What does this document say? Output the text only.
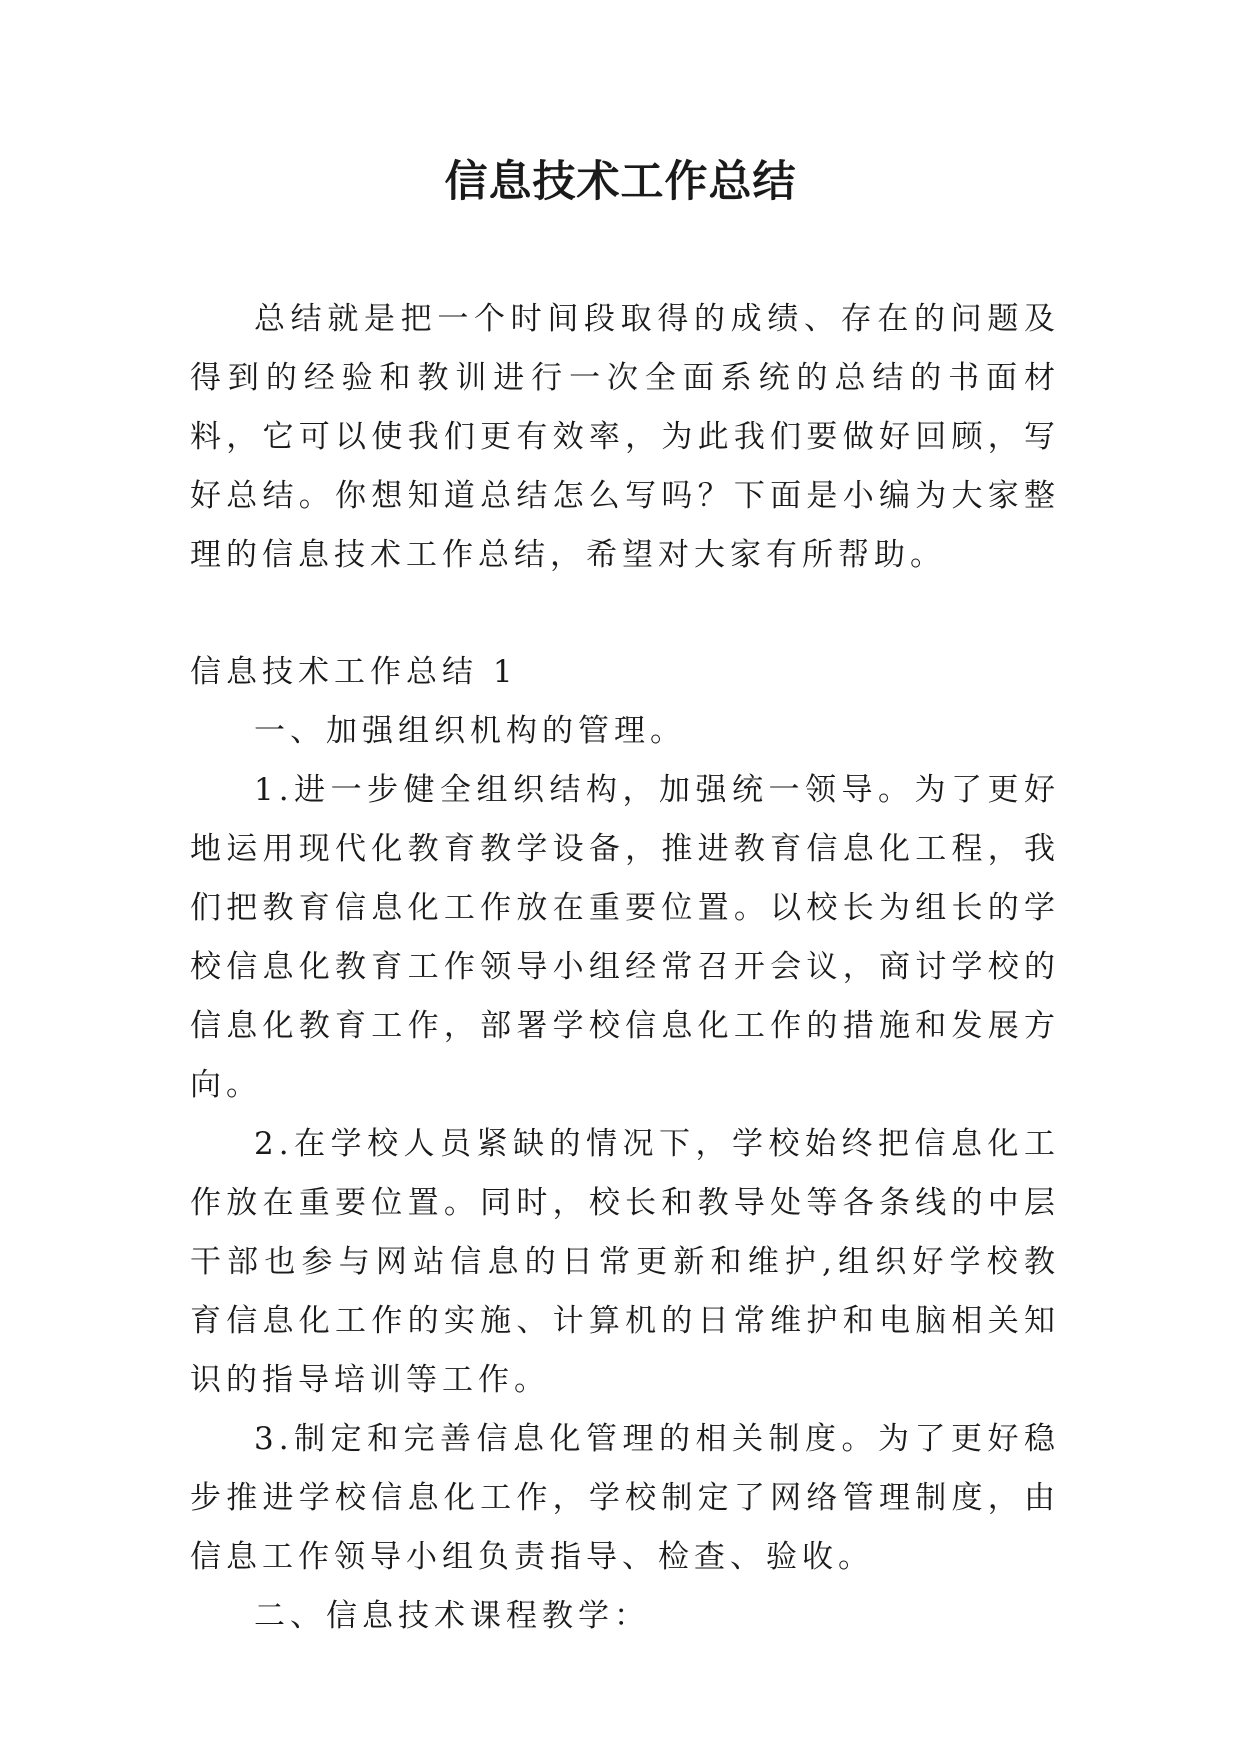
信息技术工作总结

总结就是把一个时间段取得的成绩、存在的问题及得到的经验和教训进行一次全面系统的总结的书面材料，它可以使我们更有效率，为此我们要做好回顾，写好总结。你想知道总结怎么写吗？下面是小编为大家整理的信息技术工作总结，希望对大家有所帮助。

信息技术工作总结 1

一、加强组织机构的管理。

1.进一步健全组织结构，加强统一领导。为了更好地运用现代化教育教学设备，推进教育信息化工程，我们把教育信息化工作放在重要位置。以校长为组长的学校信息化教育工作领导小组经常召开会议，商讨学校的信息化教育工作，部署学校信息化工作的措施和发展方向。

2.在学校人员紧缺的情况下，学校始终把信息化工作放在重要位置。同时，校长和教导处等各条线的中层干部也参与网站信息的日常更新和维护,组织好学校教育信息化工作的实施、计算机的日常维护和电脑相关知识的指导培训等工作。

3.制定和完善信息化管理的相关制度。为了更好稳步推进学校信息化工作，学校制定了网络管理制度，由信息工作领导小组负责指导、检查、验收。

二、信息技术课程教学：
